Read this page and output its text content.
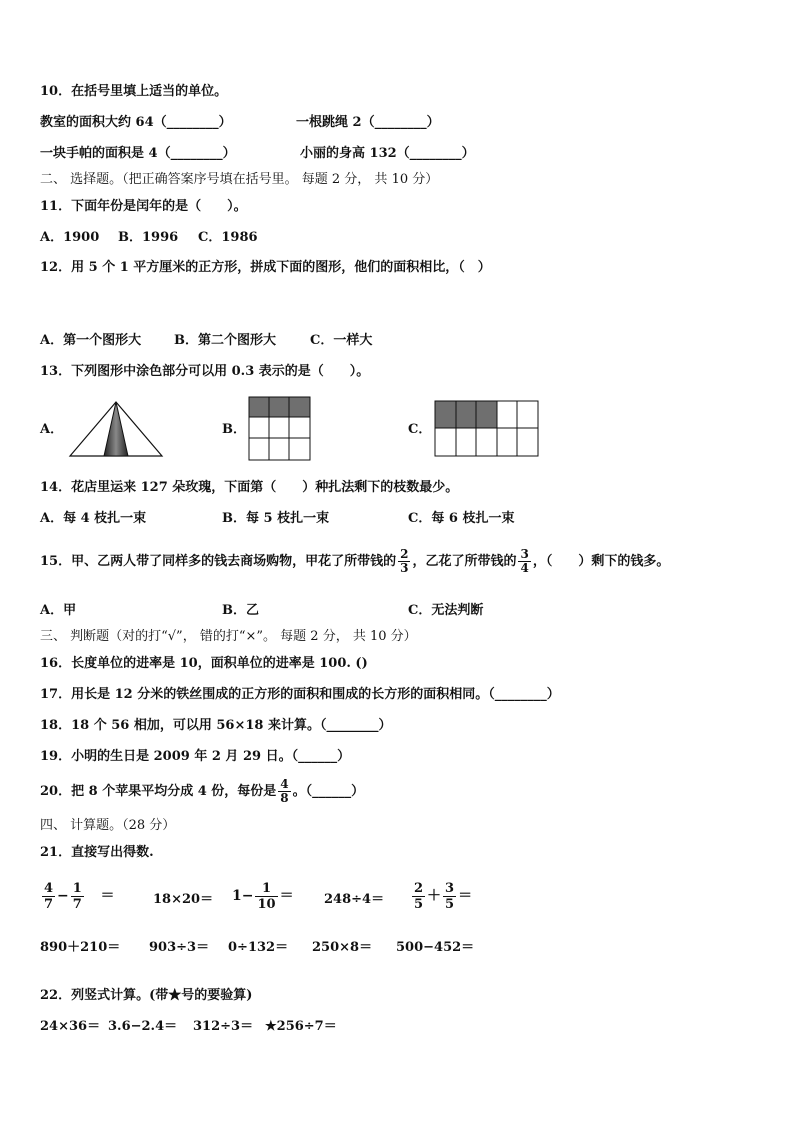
10．在括号里填上适当的单位。
教室的面积大约 64（________）	一根跳绳 2（________）
一块手帕的面积是 4（________）	小丽的身高 132（________）
二、 选择题。（把正确答案序号填在括号里。 每题 2 分， 共 10 分）
11．下面年份是闰年的是（　　）。
A．1900 B．1996 C．1986
12．用 5 个 1 平方厘米的正方形，拼成下面的图形，他们的面积相比，（　）
A．第一个图形大	B．第二个图形大	C．一样大
13．下列图形中涂色部分可以用 0.3 表示的是（　　）。
A．	B．	C．
14．花店里运来 127 朵玫瑰，下面第（　　）种扎法剩下的枝数最少。
A．每 4 枝扎一束	B．每 5 枝扎一束	C．每 6 枝扎一束
15．甲、乙两人带了同样多的钱去商场购物，甲花了所带钱的 $\frac{2}{3}$ ，乙花了所带钱的 $\frac{3}{4}$ ，（　　）剩下的钱多。
A．甲	B．乙	C．无法判断
三、 判断题（对的打“√”， 错的打“×”。 每题 2 分， 共 10 分）
16．长度单位的进率是 10，面积单位的进率是 100. ()
17．用长是 12 分米的铁丝围成的正方形的面积和围成的长方形的面积相同。（________）
18．18 个 56 相加，可以用 56×18 来计算。（________）
19．小明的生日是 2009 年 2 月 29 日。（______）
20．把 8 个苹果平均分成 4 份，每份是 $\frac{4}{8}$ 。（______）
四、 计算题。（28 分）
21．直接写出得数.
$\frac{4}{7} - \frac{1}{7}$ ＝	$18\times 20= 1- \frac{1}{10} = 248\div 4= \frac{2}{5} + \frac{3}{5}$ ＝
890＋210＝ 903÷3＝ 0÷132＝ 250×8＝ 500−452＝
22．列竖式计算。(带★号的要验算)
24×36＝ 3.6−2.4＝ 312÷3＝ ★256÷7＝
